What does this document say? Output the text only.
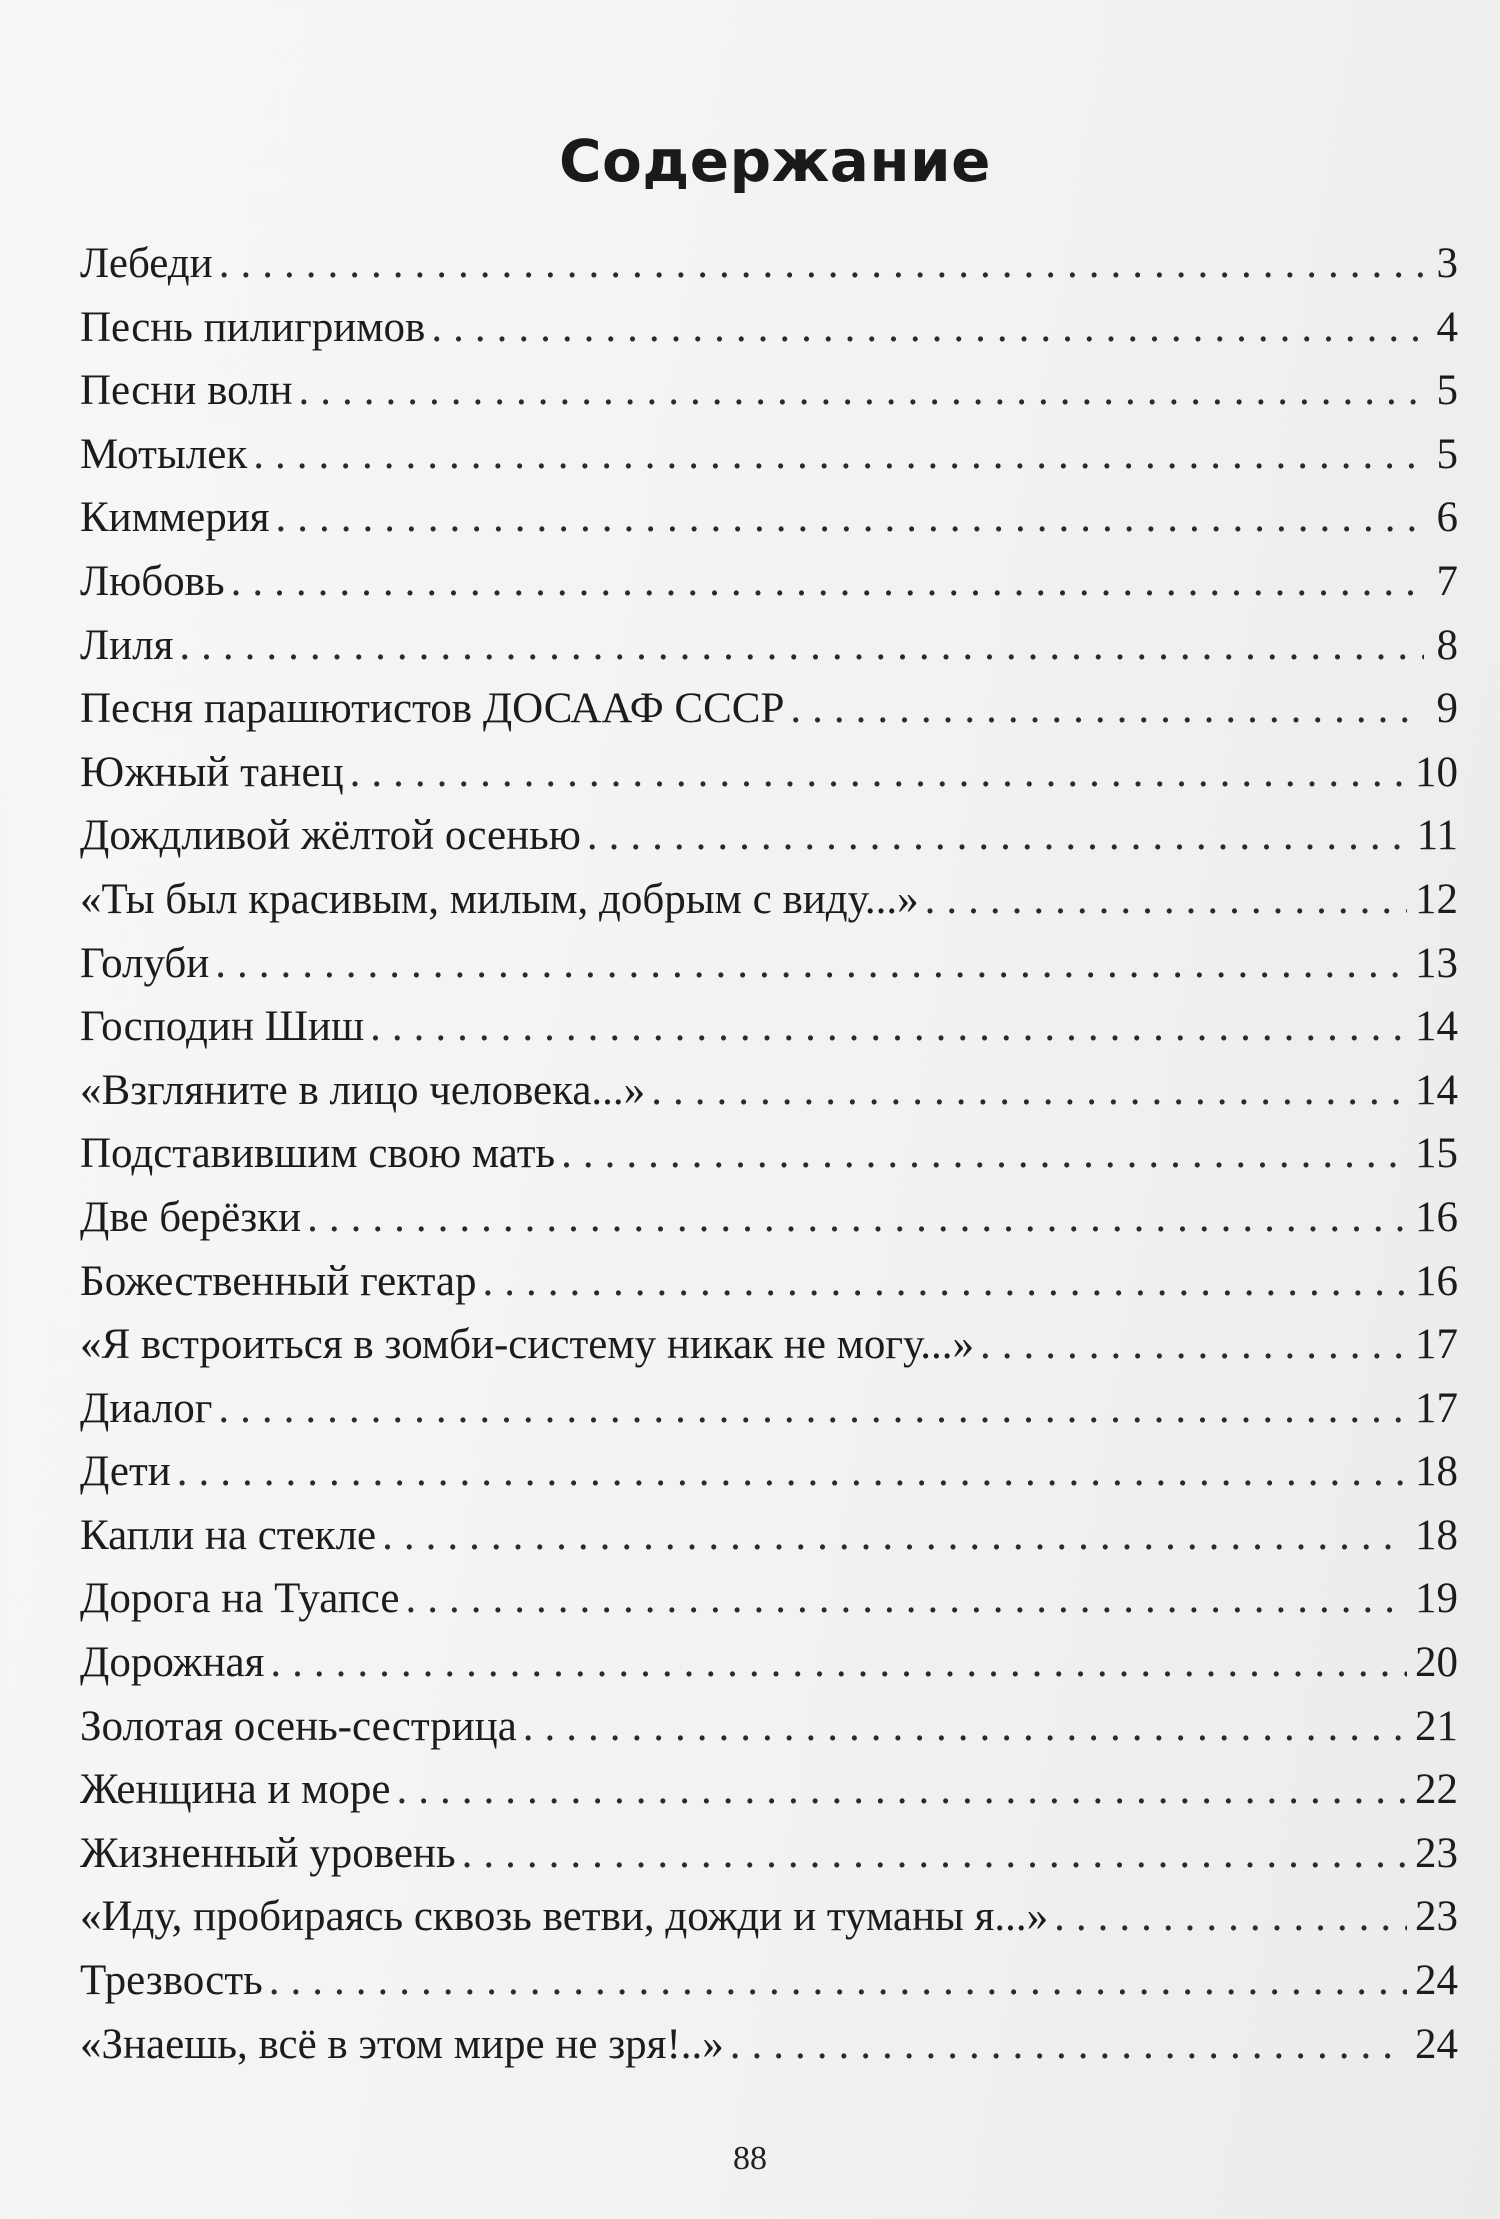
Содержание
Лебеди .....	3
Песнь пилигримов .....	4
Песни волн .....	5
Мотылек .....	5
Киммерия .....	6
Любовь .....	7
Лиля .....	8
Песня парашютистов ДОСААФ СССР .....	9
Южный танец .....	10
Дождливой жёлтой осенью .....	11
«Ты был красивым, милым, добрым с виду...» .....	12
Голуби .....	13
Господин Шиш .....	14
«Взгляните в лицо человека...» .....	14
Подставившим свою мать .....	15
Две берёзки .....	16
Божественный гектар .....	16
«Я встроиться в зомби-систему никак не могу...» .....	17
Диалог .....	17
Дети .....	18
Капли на стекле .....	18
Дорога на Туапсе .....	19
Дорожная .....	20
Золотая осень-сестрица .....	21
Женщина и море .....	22
Жизненный уровень .....	23
«Иду, пробираясь сквозь ветви, дожди и туманы я...» .....	23
Трезвость .....	24
«Знаешь, всё в этом мире не зря!..» .....	24
88
